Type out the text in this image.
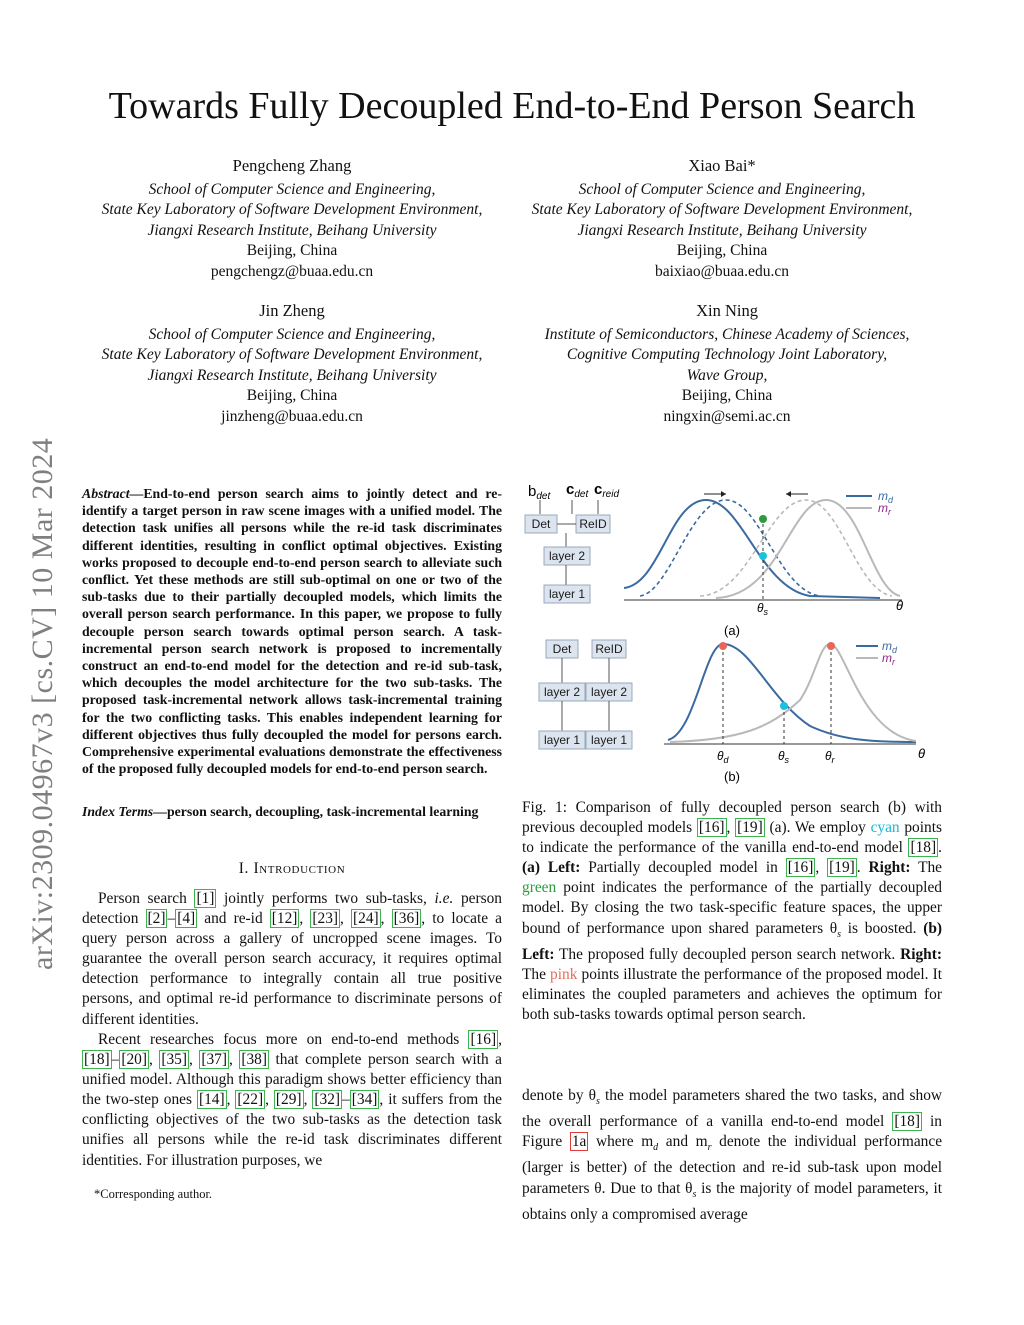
Towards Fully Decoupled End-to-End Person Search
arXiv:2309.04967v3 [cs.CV] 10 Mar 2024
Pengcheng Zhang
School of Computer Science and Engineering,
State Key Laboratory of Software Development Environment,
Jiangxi Research Institute, Beihang University
Beijing, China
pengchengz@buaa.edu.cn
Xiao Bai*
School of Computer Science and Engineering,
State Key Laboratory of Software Development Environment,
Jiangxi Research Institute, Beihang University
Beijing, China
baixiao@buaa.edu.cn
Jin Zheng
School of Computer Science and Engineering,
State Key Laboratory of Software Development Environment,
Jiangxi Research Institute, Beihang University
Beijing, China
jinzheng@buaa.edu.cn
Xin Ning
Institute of Semiconductors, Chinese Academy of Sciences,
Cognitive Computing Technology Joint Laboratory,
Wave Group,
Beijing, China
ningxin@semi.ac.cn
Abstract—End-to-end person search aims to jointly detect and re-identify a target person in raw scene images with a unified model. The detection task unifies all persons while the re-id task discriminates different identities, resulting in conflict optimal objectives. Existing works proposed to decouple end-to-end person search to alleviate such conflict. Yet these methods are still sub-optimal on one or two of the sub-tasks due to their partially decoupled models, which limits the overall person search performance. In this paper, we propose to fully decouple person search towards optimal person search. A task-incremental person search network is proposed to incrementally construct an end-to-end model for the detection and re-id sub-task, which decouples the model architecture for the two sub-tasks. The proposed task-incremental network allows task-incremental training for the two conflicting tasks. This enables independent learning for different objectives thus fully decoupled the model for persons earch. Comprehensive experimental evaluations demonstrate the effectiveness of the proposed fully decoupled models for end-to-end person search.
Index Terms—person search, decoupling, task-incremental learning
I. Introduction
Person search [1] jointly performs two sub-tasks, i.e. person detection [2] – [4] and re-id [12] , [23] , [24] , [36] , to locate a query person across a gallery of uncropped scene images. To guarantee the overall person search accuracy, it requires optimal detection performance to integrally contain all true positive persons, and optimal re-id performance to discriminate persons of different identities.
Recent researches focus more on end-to-end methods [16] , [18] – [20] , [35] , [37] , [38] that complete person search with a unified model. Although this paradigm shows better efficiency than the two-step ones [14] , [22] , [29] , [32] – [34] , it suffers from the conflicting objectives of the two sub-tasks as the detection task unifies all persons while the re-id task discriminates different identities. For illustration purposes, we
*Corresponding author.
$b_{det}$ $c_{det}$ $c_{reid}$
Det ReID
layer 2
layer 1
$\theta_s$	θ
$m_d$
$m_r$
(a)
Det ReID
layer 2 layer 2
layer 1 layer 1
$\theta_d$	$\theta_s$	$\theta_r$	θ
$m_d$
$m_r$
(b)
Fig. 1: Comparison of fully decoupled person search (b) with previous decoupled models [16] , [19] (a). We employ cyan points to indicate the performance of the vanilla end-to-end model [18] . (a) Left: Partially decoupled model in [16] , [19] . Right: The green point indicates the performance of the partially decoupled model. By closing the two task-specific feature spaces, the upper bound of performance upon shared parameters $\theta_s$ is boosted. (b) Left: The proposed fully decoupled person search network. Right: The pink points illustrate the performance of the proposed model. It eliminates the coupled parameters and achieves the optimum for both sub-tasks towards optimal person search.
denote by $\theta_s$ the model parameters shared the two tasks, and show the overall performance of a vanilla end-to-end model [18] in Figure 1a where $m_d$ and $m_r$ denote the individual performance (larger is better) of the detection and re-id sub-task upon model parameters θ. Due to that $\theta_s$ is the majority of model parameters, it obtains only a compromised average
